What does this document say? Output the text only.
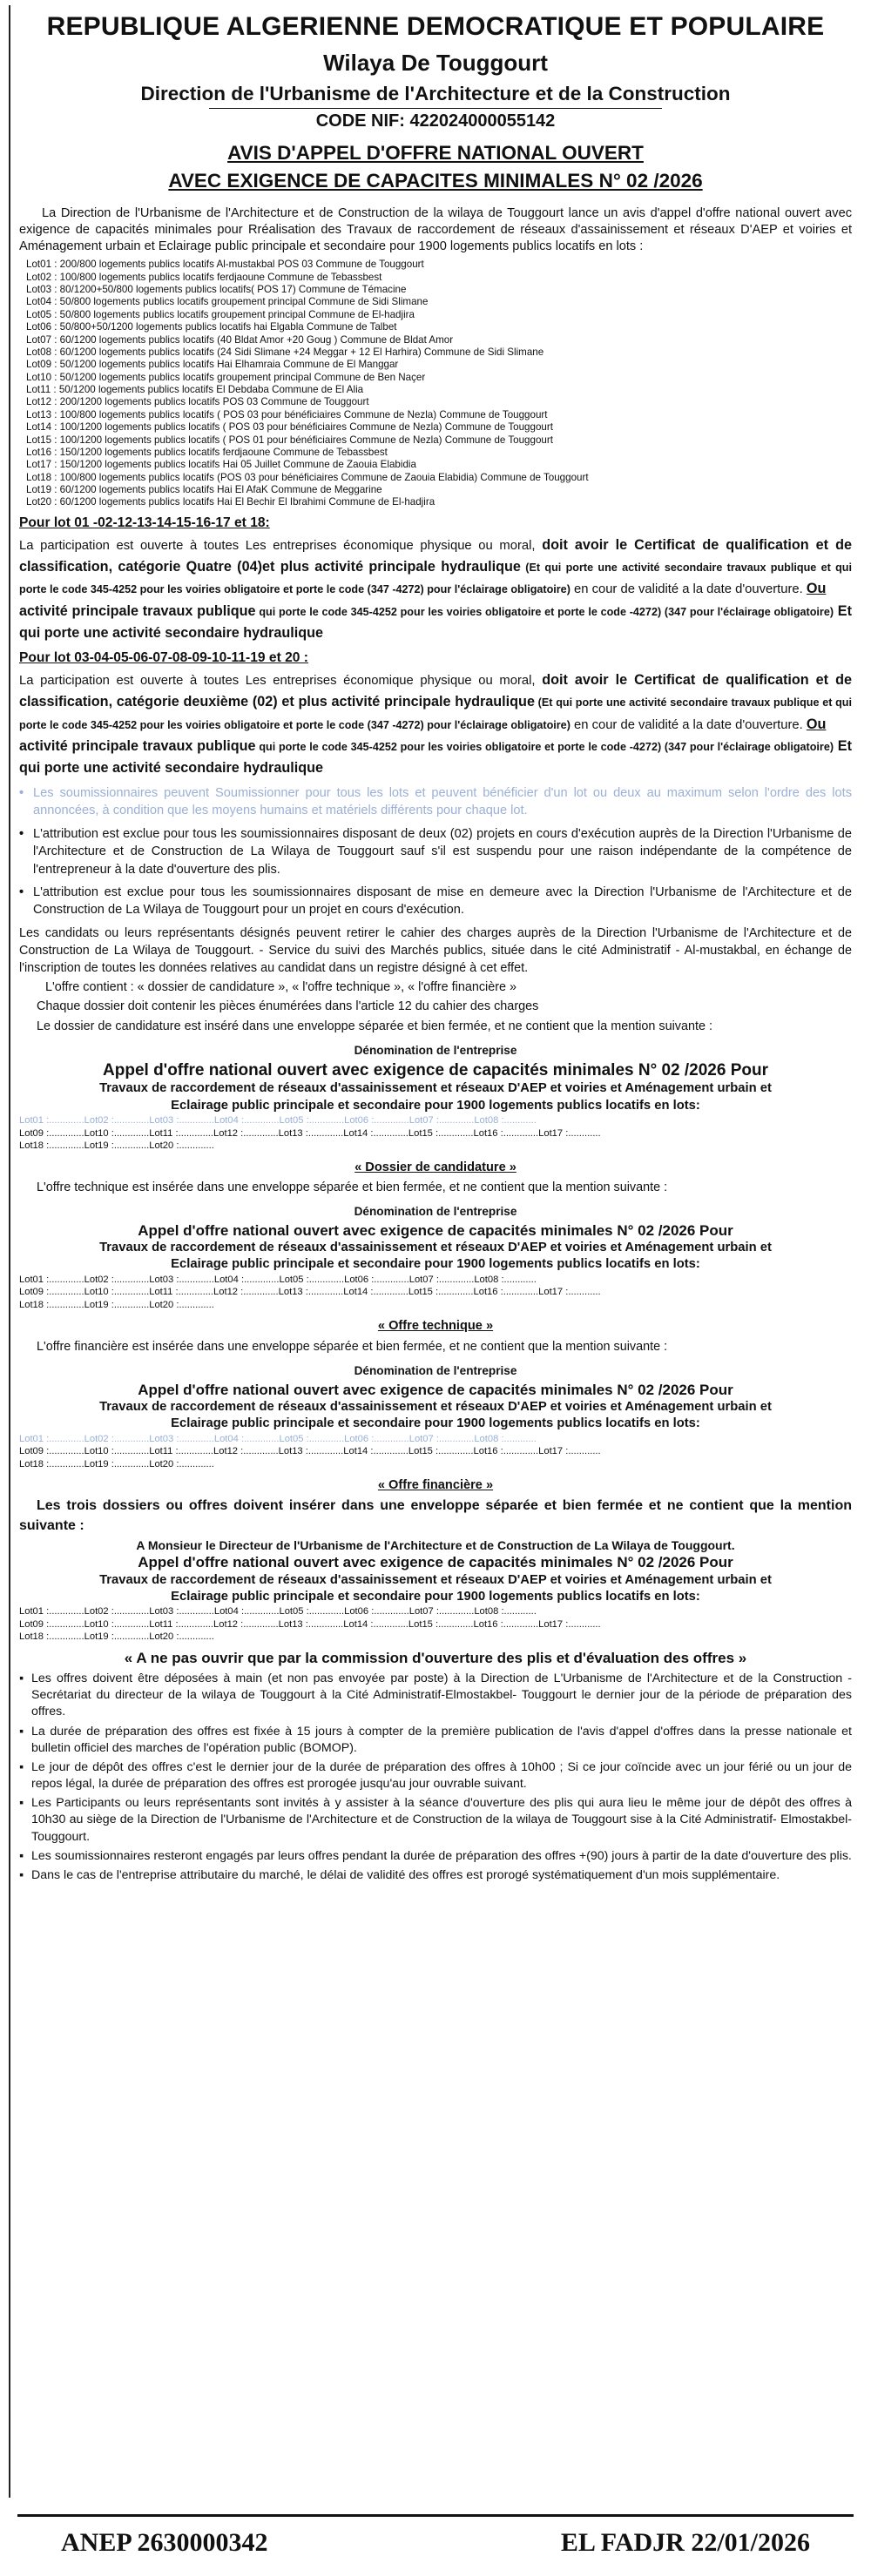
REPUBLIQUE ALGERIENNE DEMOCRATIQUE ET POPULAIRE
Wilaya De Touggourt
Direction de l'Urbanisme de l'Architecture et de la Construction
CODE NIF: 422024000055142
AVIS D'APPEL D'OFFRE NATIONAL OUVERT
AVEC EXIGENCE DE CAPACITES MINIMALES N° 02 /2026

La Direction de l'Urbanisme de l'Architecture et de Construction de la wilaya de Touggourt lance un avis d'appel d'offre national ouvert avec exigence de capacités minimales pour Rréalisation des Travaux de raccordement de réseaux d'assainissement et réseaux D'AEP et voiries et Aménagement urbain et Eclairage public principale et secondaire pour 1900 logements publics locatifs en lots :

Lot01 : 200/800 logements publics locatifs Al-mustakbal POS 03 Commune de Touggourt
Lot02 : 100/800 logements publics locatifs ferdjaoune Commune de Tebassbest
Lot03 : 80/1200+50/800 logements publics locatifs( POS 17) Commune de Témacine
Lot04 : 50/800 logements publics locatifs groupement principal Commune de Sidi Slimane
Lot05 : 50/800 logements publics locatifs groupement principal Commune de El-hadjira
Lot06 : 50/800+50/1200 logements publics locatifs hai Elgabla Commune de Talbet
Lot07 : 60/1200 logements publics locatifs (40 Bldat Amor +20 Goug ) Commune de Bldat Amor
Lot08 : 60/1200 logements publics locatifs (24 Sidi Slimane +24 Meggar + 12 El Harhira) Commune de Sidi Slimane
Lot09 : 50/1200 logements publics locatifs Hai Elhamraia Commune de El Manggar
Lot10 : 50/1200 logements publics locatifs groupement principal Commune de Ben Naçer
Lot11 : 50/1200 logements publics locatifs El Debdaba Commune de El Alia
Lot12 : 200/1200 logements publics locatifs POS 03 Commune de Touggourt
Lot13 : 100/800 logements publics locatifs ( POS 03 pour bénéficiaires Commune de Nezla) Commune de Touggourt
Lot14 : 100/1200 logements publics locatifs ( POS 03 pour bénéficiaires Commune de Nezla) Commune de Touggourt
Lot15 : 100/1200 logements publics locatifs ( POS 01 pour bénéficiaires Commune de Nezla) Commune de Touggourt
Lot16 : 150/1200 logements publics locatifs ferdjaoune Commune de Tebassbest
Lot17 : 150/1200 logements publics locatifs Hai 05 Juillet Commune de Zaouia Elabidia
Lot18 : 100/800 logements publics locatifs (POS 03 pour bénéficiaires Commune de Zaouia Elabidia) Commune de Touggourt
Lot19 : 60/1200 logements publics locatifs Hai El AfaK Commune de Meggarine
Lot20 : 60/1200 logements publics locatifs Hai El Bechir El Ibrahimi Commune de El-hadjira
Pour lot 01 -02-12-13-14-15-16-17 et 18:

La participation est ouverte à toutes Les entreprises économique physique ou moral, doit avoir le Certificat de qualification et de classification, catégorie Quatre (04)et plus activité principale hydraulique (Et qui porte une activité secondaire travaux publique et qui porte le code 345-4252 pour les voiries obligatoire et porte le code (347 -4272) pour l'éclairage obligatoire) en cour de validité a la date d'ouverture. Ou
activité principale travaux publique qui porte le code 345-4252 pour les voiries obligatoire et porte le code -4272) (347 pour l'éclairage obligatoire) Et qui porte une activité secondaire hydraulique

Pour lot 03-04-05-06-07-08-09-10-11-19 et 20 :

La participation est ouverte à toutes Les entreprises économique physique ou moral, doit avoir le Certificat de qualification et de classification, catégorie deuxième (02) et plus activité principale hydraulique (Et qui porte une activité secondaire travaux publique et qui porte le code 345-4252 pour les voiries obligatoire et porte le code (347 -4272) pour l'éclairage obligatoire) en cour de validité a la date d'ouverture. Ou
activité principale travaux publique qui porte le code 345-4252 pour les voiries obligatoire et porte le code -4272) (347 pour l'éclairage obligatoire) Et qui porte une activité secondaire hydraulique

• Les soumissionnaires peuvent Soumissionner pour tous les lots et peuvent bénéficier d'un lot ou deux au maximum selon l'ordre des lots annoncées, à condition que les moyens humains et matériels différents pour chaque lot.
• L'attribution est exclue pour tous les soumissionnaires disposant de deux (02) projets en cours d'exécution auprès de la Direction l'Urbanisme de l'Architecture et de Construction de La Wilaya de Touggourt sauf s'il est suspendu pour une raison indépendante de la compétence de l'entrepreneur à la date d'ouverture des plis.
• L'attribution est exclue pour tous les soumissionnaires disposant de mise en demeure avec la Direction l'Urbanisme de l'Architecture et de Construction de La Wilaya de Touggourt pour un projet en cours d'exécution.

Les candidats ou leurs représentants désignés peuvent retirer le cahier des charges auprès de la Direction l'Urbanisme de l'Architecture et de Construction de La Wilaya de Touggourt. - Service du suivi des Marchés publics, située dans le cité Administratif - Al-mustakbal, en échange de l'inscription de toutes les données relatives au candidat dans un registre désigné à cet effet.

L'offre contient : « dossier de candidature », « l'offre technique », « l'offre financière »

Chaque dossier doit contenir les pièces énumérées dans l'article 12 du cahier des charges

Le dossier de candidature est inséré dans une enveloppe séparée et bien fermée, et ne contient que la mention suivante :

Dénomination de l'entreprise
Appel d'offre national ouvert avec exigence de capacités minimales N° 02 /2026 Pour
Travaux de raccordement de réseaux d'assainissement et réseaux D'AEP et voiries et Aménagement urbain et
Eclairage public principale et secondaire pour 1900 logements publics locatifs en lots:
Lot01 :.............Lot02 :.............Lot03 :.............Lot04 :.............Lot05 :.............Lot06 :.............Lot07 :.............Lot08 :............
Lot09 :.............Lot10 :.............Lot11 :.............Lot12 :.............Lot13 :.............Lot14 :.............Lot15 :.............Lot16 :.............Lot17 :............
Lot18 :.............Lot19 :.............Lot20 :.............
« Dossier de candidature »

L'offre technique est insérée dans une enveloppe séparée et bien fermée, et ne contient que la mention suivante :

Dénomination de l'entreprise
Appel d'offre national ouvert avec exigence de capacités minimales N° 02 /2026 Pour
Travaux de raccordement de réseaux d'assainissement et réseaux D'AEP et voiries et Aménagement urbain et
Eclairage public principale et secondaire pour 1900 logements publics locatifs en lots:
Lot01 :.............Lot02 :.............Lot03 :.............Lot04 :.............Lot05 :.............Lot06 :.............Lot07 :.............Lot08 :............
Lot09 :.............Lot10 :.............Lot11 :.............Lot12 :.............Lot13 :.............Lot14 :.............Lot15 :.............Lot16 :.............Lot17 :............
Lot18 :.............Lot19 :.............Lot20 :.............
« Offre technique »

L'offre financière est insérée dans une enveloppe séparée et bien fermée, et ne contient que la mention suivante :

Dénomination de l'entreprise
Appel d'offre national ouvert avec exigence de capacités minimales N° 02 /2026 Pour
Travaux de raccordement de réseaux d'assainissement et réseaux D'AEP et voiries et Aménagement urbain et
Eclairage public principale et secondaire pour 1900 logements publics locatifs en lots:
Lot01 :.............Lot02 :.............Lot03 :.............Lot04 :.............Lot05 :.............Lot06 :.............Lot07 :.............Lot08 :............
Lot09 :.............Lot10 :.............Lot11 :.............Lot12 :.............Lot13 :.............Lot14 :.............Lot15 :.............Lot16 :.............Lot17 :............
Lot18 :.............Lot19 :.............Lot20 :.............
« Offre financière »

Les trois dossiers ou offres doivent insérer dans une enveloppe séparée et bien fermée et ne contient que la mention suivante :

A Monsieur le Directeur de l'Urbanisme de l'Architecture et de Construction de La Wilaya de Touggourt.
Appel d'offre national ouvert avec exigence de capacités minimales N° 02 /2026 Pour
Travaux de raccordement de réseaux d'assainissement et réseaux D'AEP et voiries et Aménagement urbain et
Eclairage public principale et secondaire pour 1900 logements publics locatifs en lots:
Lot01 :.............Lot02 :.............Lot03 :.............Lot04 :.............Lot05 :.............Lot06 :.............Lot07 :.............Lot08 :............
Lot09 :.............Lot10 :.............Lot11 :.............Lot12 :.............Lot13 :.............Lot14 :.............Lot15 :.............Lot16 :.............Lot17 :............
Lot18 :.............Lot19 :.............Lot20 :.............
« A ne pas ouvrir que par la commission d'ouverture des plis et d'évaluation des offres »
▪ Les offres doivent être déposées à main (et non pas envoyée par poste) à la Direction de L'Urbanisme de l'Architecture et de la Construction - Secrétariat du directeur de la wilaya de Touggourt à la Cité Administratif-Elmostakbel- Touggourt le dernier jour de la période de préparation des offres.
▪ La durée de préparation des offres est fixée à 15 jours à compter de la première publication de l'avis d'appel d'offres dans la presse nationale et bulletin officiel des marches de l'opération public (BOMOP).
▪ Le jour de dépôt des offres c'est le dernier jour de la durée de préparation des offres à 10h00 ; Si ce jour coïncide avec un jour férié ou un jour de repos légal, la durée de préparation des offres est prorogée jusqu'au jour ouvrable suivant.
▪ Les Participants ou leurs représentants sont invités à y assister à la séance d'ouverture des plis qui aura lieu le même jour de dépôt des offres à 10h30 au siège de la Direction de l'Urbanisme de l'Architecture et de Construction de la wilaya de Touggourt sise à la Cité Administratif- Elmostakbel- Touggourt.
▪ Les soumissionnaires resteront engagés par leurs offres pendant la durée de préparation des offres +(90) jours à partir de la date d'ouverture des plis.
▪ Dans le cas de l'entreprise attributaire du marché, le délai de validité des offres est prorogé systématiquement d'un mois supplémentaire.
ANEP 2630000342	EL FADJR 22/01/2026
